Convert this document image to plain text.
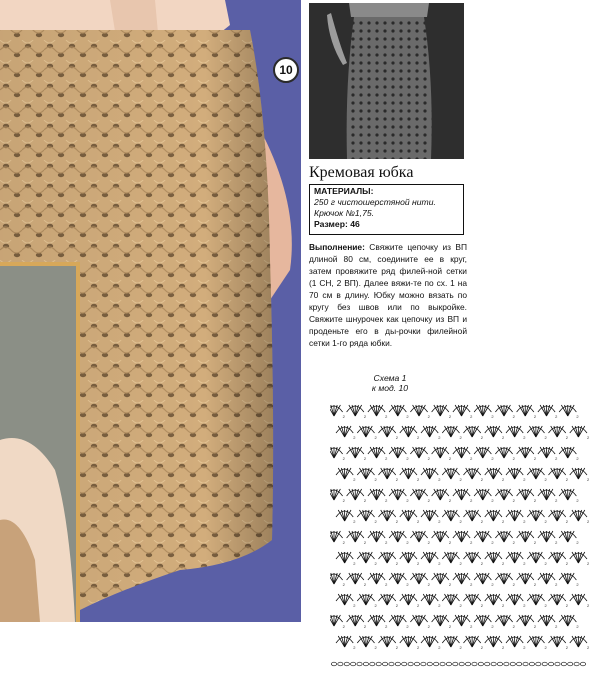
10
Кремовая юбка
МАТЕРИАЛЫ:
250 г чистошерстяной нити.
Крючок №1,75.
Размер: 46

Выполнение: Свяжите цепочку из ВП длиной 80 см, соедините ее в круг, затем провяжите ряд филей-ной сетки (1 СН, 2 ВП). Далее вяжи-те по сх. 1 на 70 см в длину. Юбку можно вязать по кругу без швов или по выкройке. Свяжите шнурочек как цепочку из ВП и проденьте его в ды-рочки филейной сетки 1-го ряда юбки.

Схема 1
к мод. 10
2	2	2	2	2	2	2	2	2	2	2	2
2	2	2	2	2	2	2	2	2	2	2	2
2	2	2	2	2	2	2	2	2	2	2	2
2	2	2	2	2	2	2	2	2	2	2	2
2	2	2	2	2	2	2	2	2	2	2	2
2	2	2	2	2	2	2	2	2	2	2	2
2	2	2	2	2	2	2	2	2	2	2	2
2	2	2	2	2	2	2	2	2	2	2	2
2	2	2	2	2	2	2	2	2	2	2	2
2	2	2	2	2	2	2	2	2	2	2	2
2	2	2	2	2	2	2	2	2	2	2	2
2	2	2	2	2	2	2	2	2	2	2	2
